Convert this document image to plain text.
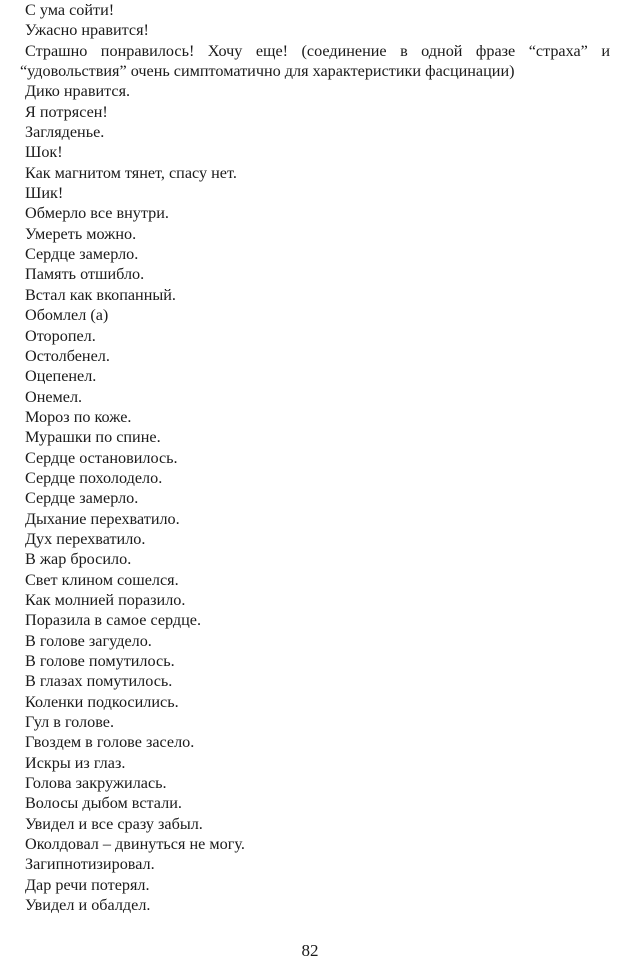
С ума сойти!

Ужасно нравится!

Страшно понравилось! Хочу еще! (соединение в одной фразе “страха” и “удовольствия” очень симптоматично для характеристики фасцинации)

Дико нравится.

Я потрясен!

Загляденье.

Шок!

Как магнитом тянет, спасу нет.

Шик!

Обмерло все внутри.

Умереть можно.

Сердце замерло.

Память отшибло.

Встал как вкопанный.

Обомлел (а)

Оторопел.

Остолбенел.

Оцепенел.

Онемел.

Мороз по коже.

Мурашки по спине.

Сердце остановилось.

Сердце похолодело.

Сердце замерло.

Дыхание перехватило.

Дух перехватило.

В жар бросило.

Свет клином сошелся.

Как молнией поразило.

Поразила в самое сердце.

В голове загудело.

В голове помутилось.

В глазах помутилось.

Коленки подкосились.

Гул в голове.

Гвоздем в голове засело.

Искры из глаз.

Голова закружилась.

Волосы дыбом встали.

Увидел и все сразу забыл.

Околдовал – двинуться не могу.

Загипнотизировал.

Дар речи потерял.

Увидел и обалдел.

82
